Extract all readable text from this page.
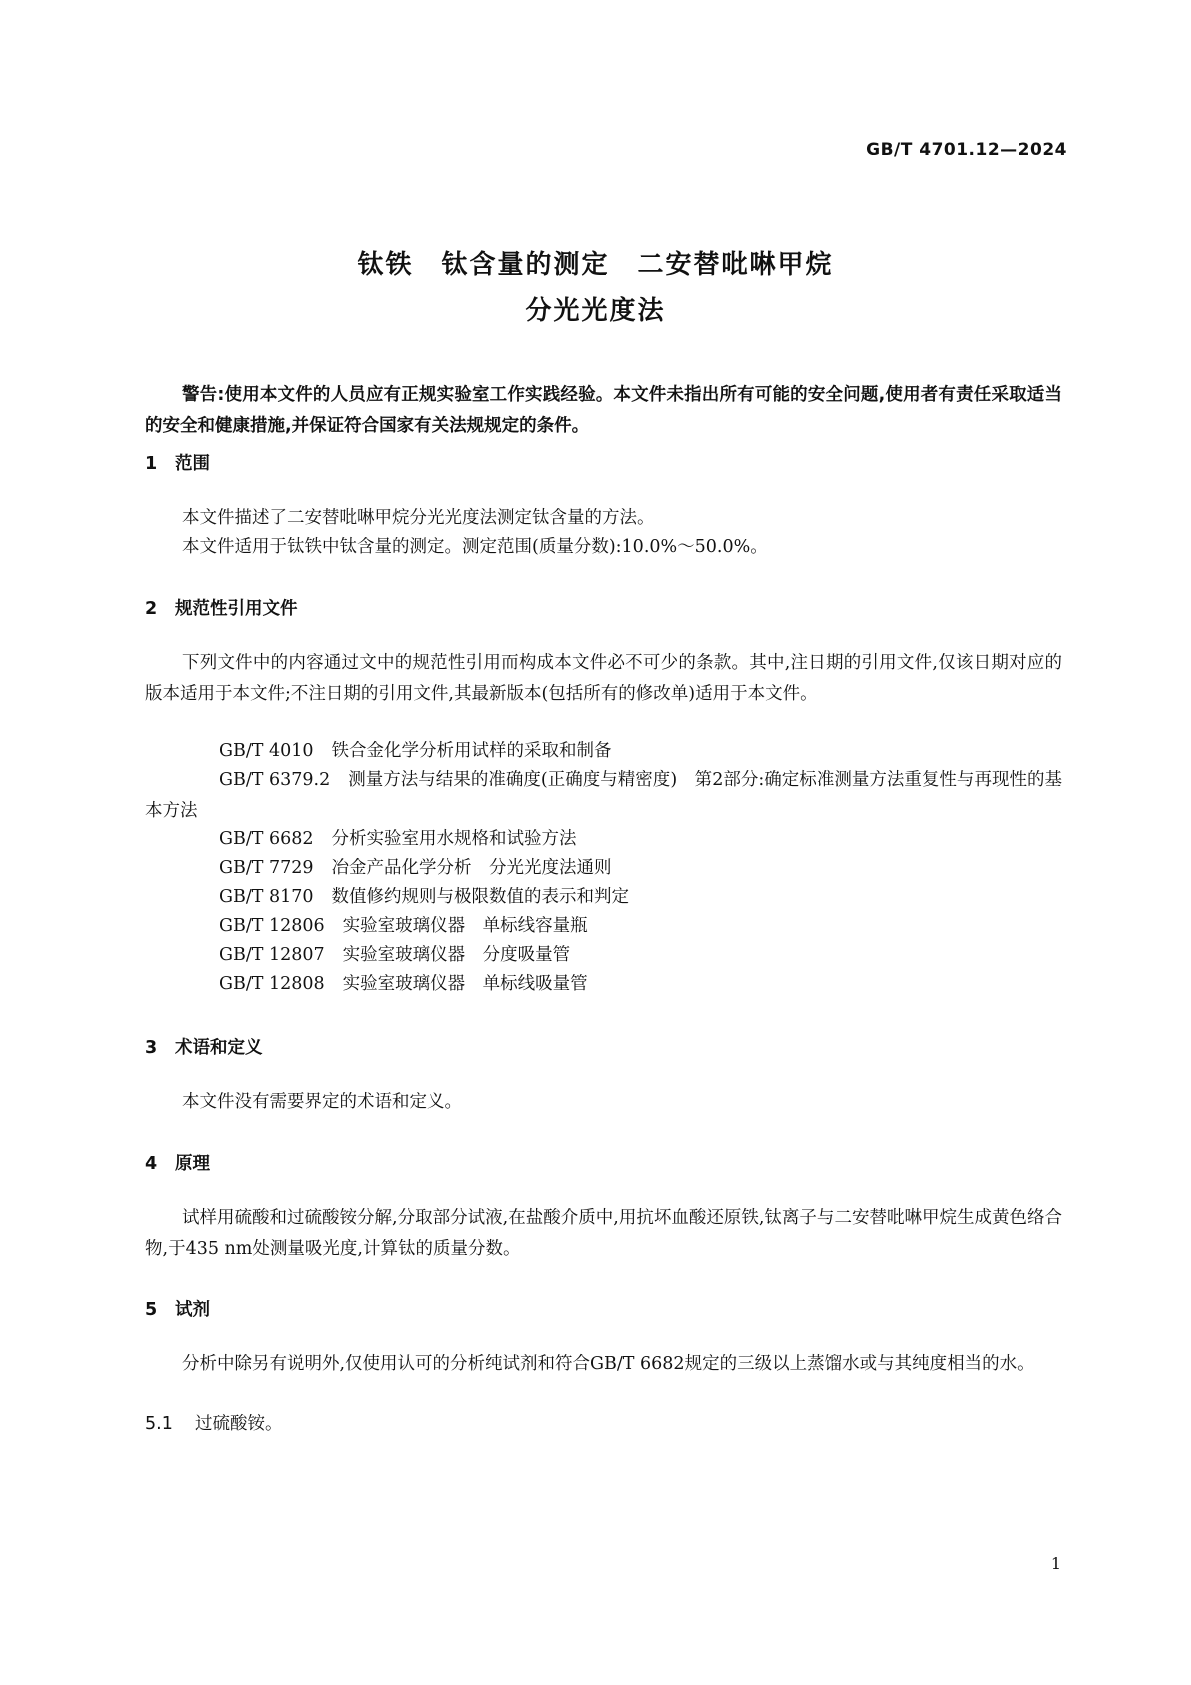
GB/T 4701.12—2024
钛铁　钛含量的测定　二安替吡啉甲烷
分光光度法
警告:使用本文件的人员应有正规实验室工作实践经验。本文件未指出所有可能的安全问题,使用者有责任采取适当的安全和健康措施,并保证符合国家有关法规规定的条件。
1 范围
本文件描述了二安替吡啉甲烷分光光度法测定钛含量的方法。
本文件适用于钛铁中钛含量的测定。测定范围(质量分数):10.0%～50.0%。
2 规范性引用文件
下列文件中的内容通过文中的规范性引用而构成本文件必不可少的条款。其中,注日期的引用文件,仅该日期对应的版本适用于本文件;不注日期的引用文件,其最新版本(包括所有的修改单)适用于本文件。
GB/T 4010 铁合金化学分析用试样的采取和制备
GB/T 6379.2 测量方法与结果的准确度(正确度与精密度)　第2部分:确定标准测量方法重复性与再现性的基本方法
GB/T 6682 分析实验室用水规格和试验方法
GB/T 7729 冶金产品化学分析　分光光度法通则
GB/T 8170 数值修约规则与极限数值的表示和判定
GB/T 12806 实验室玻璃仪器　单标线容量瓶
GB/T 12807 实验室玻璃仪器　分度吸量管
GB/T 12808 实验室玻璃仪器　单标线吸量管
3 术语和定义
本文件没有需要界定的术语和定义。
4 原理
试样用硫酸和过硫酸铵分解,分取部分试液,在盐酸介质中,用抗坏血酸还原铁,钛离子与二安替吡啉甲烷生成黄色络合物,于435 nm处测量吸光度,计算钛的质量分数。
5 试剂
分析中除另有说明外,仅使用认可的分析纯试剂和符合GB/T 6682规定的三级以上蒸馏水或与其纯度相当的水。
5.1 过硫酸铵。
1
